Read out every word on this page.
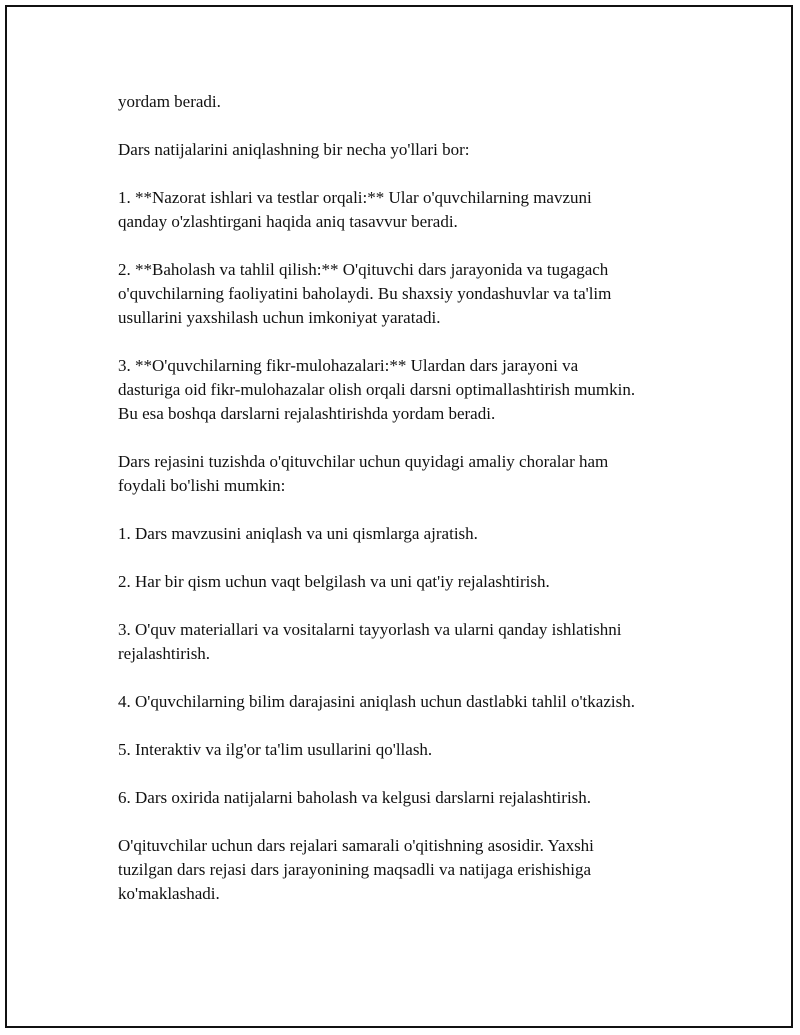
yordam beradi.

Dars natijalarini aniqlashning bir necha yo'llari bor:

1. **Nazorat ishlari va testlar orqali:** Ular o'quvchilarning mavzuni
qanday o'zlashtirgani haqida aniq tasavvur beradi.

2. **Baholash va tahlil qilish:** O'qituvchi dars jarayonida va tugagach
o'quvchilarning faoliyatini baholaydi. Bu shaxsiy yondashuvlar va ta'lim
usullarini yaxshilash uchun imkoniyat yaratadi.

3. **O'quvchilarning fikr-mulohazalari:** Ulardan dars jarayoni va
dasturiga oid fikr-mulohazalar olish orqali darsni optimallashtirish mumkin.
Bu esa boshqa darslarni rejalashtirishda yordam beradi.

Dars rejasini tuzishda o'qituvchilar uchun quyidagi amaliy choralar ham
foydali bo'lishi mumkin:

1. Dars mavzusini aniqlash va uni qismlarga ajratish.

2. Har bir qism uchun vaqt belgilash va uni qat'iy rejalashtirish.

3. O'quv materiallari va vositalarni tayyorlash va ularni qanday ishlatishni
rejalashtirish.

4. O'quvchilarning bilim darajasini aniqlash uchun dastlabki tahlil o'tkazish.

5. Interaktiv va ilg'or ta'lim usullarini qo'llash.

6. Dars oxirida natijalarni baholash va kelgusi darslarni rejalashtirish.

O'qituvchilar uchun dars rejalari samarali o'qitishning asosidir. Yaxshi
tuzilgan dars rejasi dars jarayonining maqsadli va natijaga erishishiga
ko'maklashadi.
